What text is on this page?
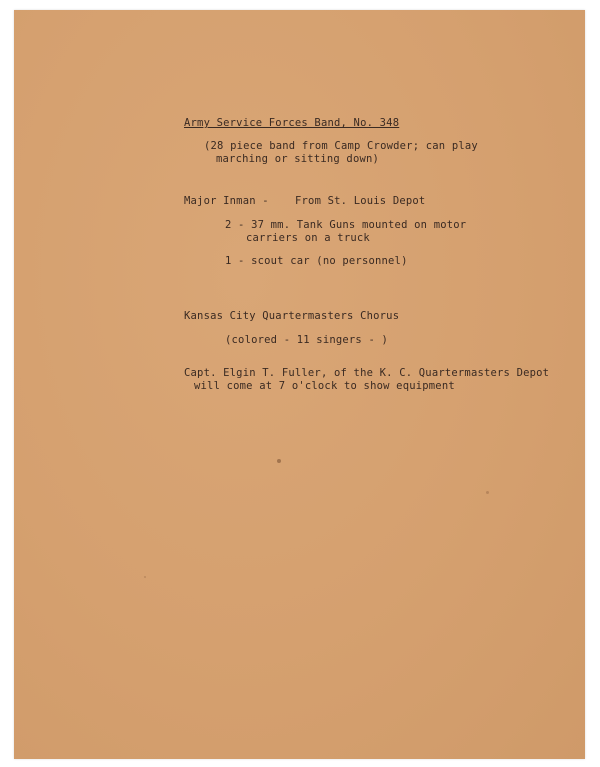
Army Service Forces Band, No. 348
(28 piece band from Camp Crowder; can play
marching or sitting down)
Major Inman - From St. Louis Depot
2 - 37 mm. Tank Guns mounted on motor
carriers on a truck
1 - scout car (no personnel)
Kansas City Quartermasters Chorus
(colored - 11 singers - )
Capt. Elgin T. Fuller, of the K. C. Quartermasters Depot
will come at 7 o'clock to show equipment
